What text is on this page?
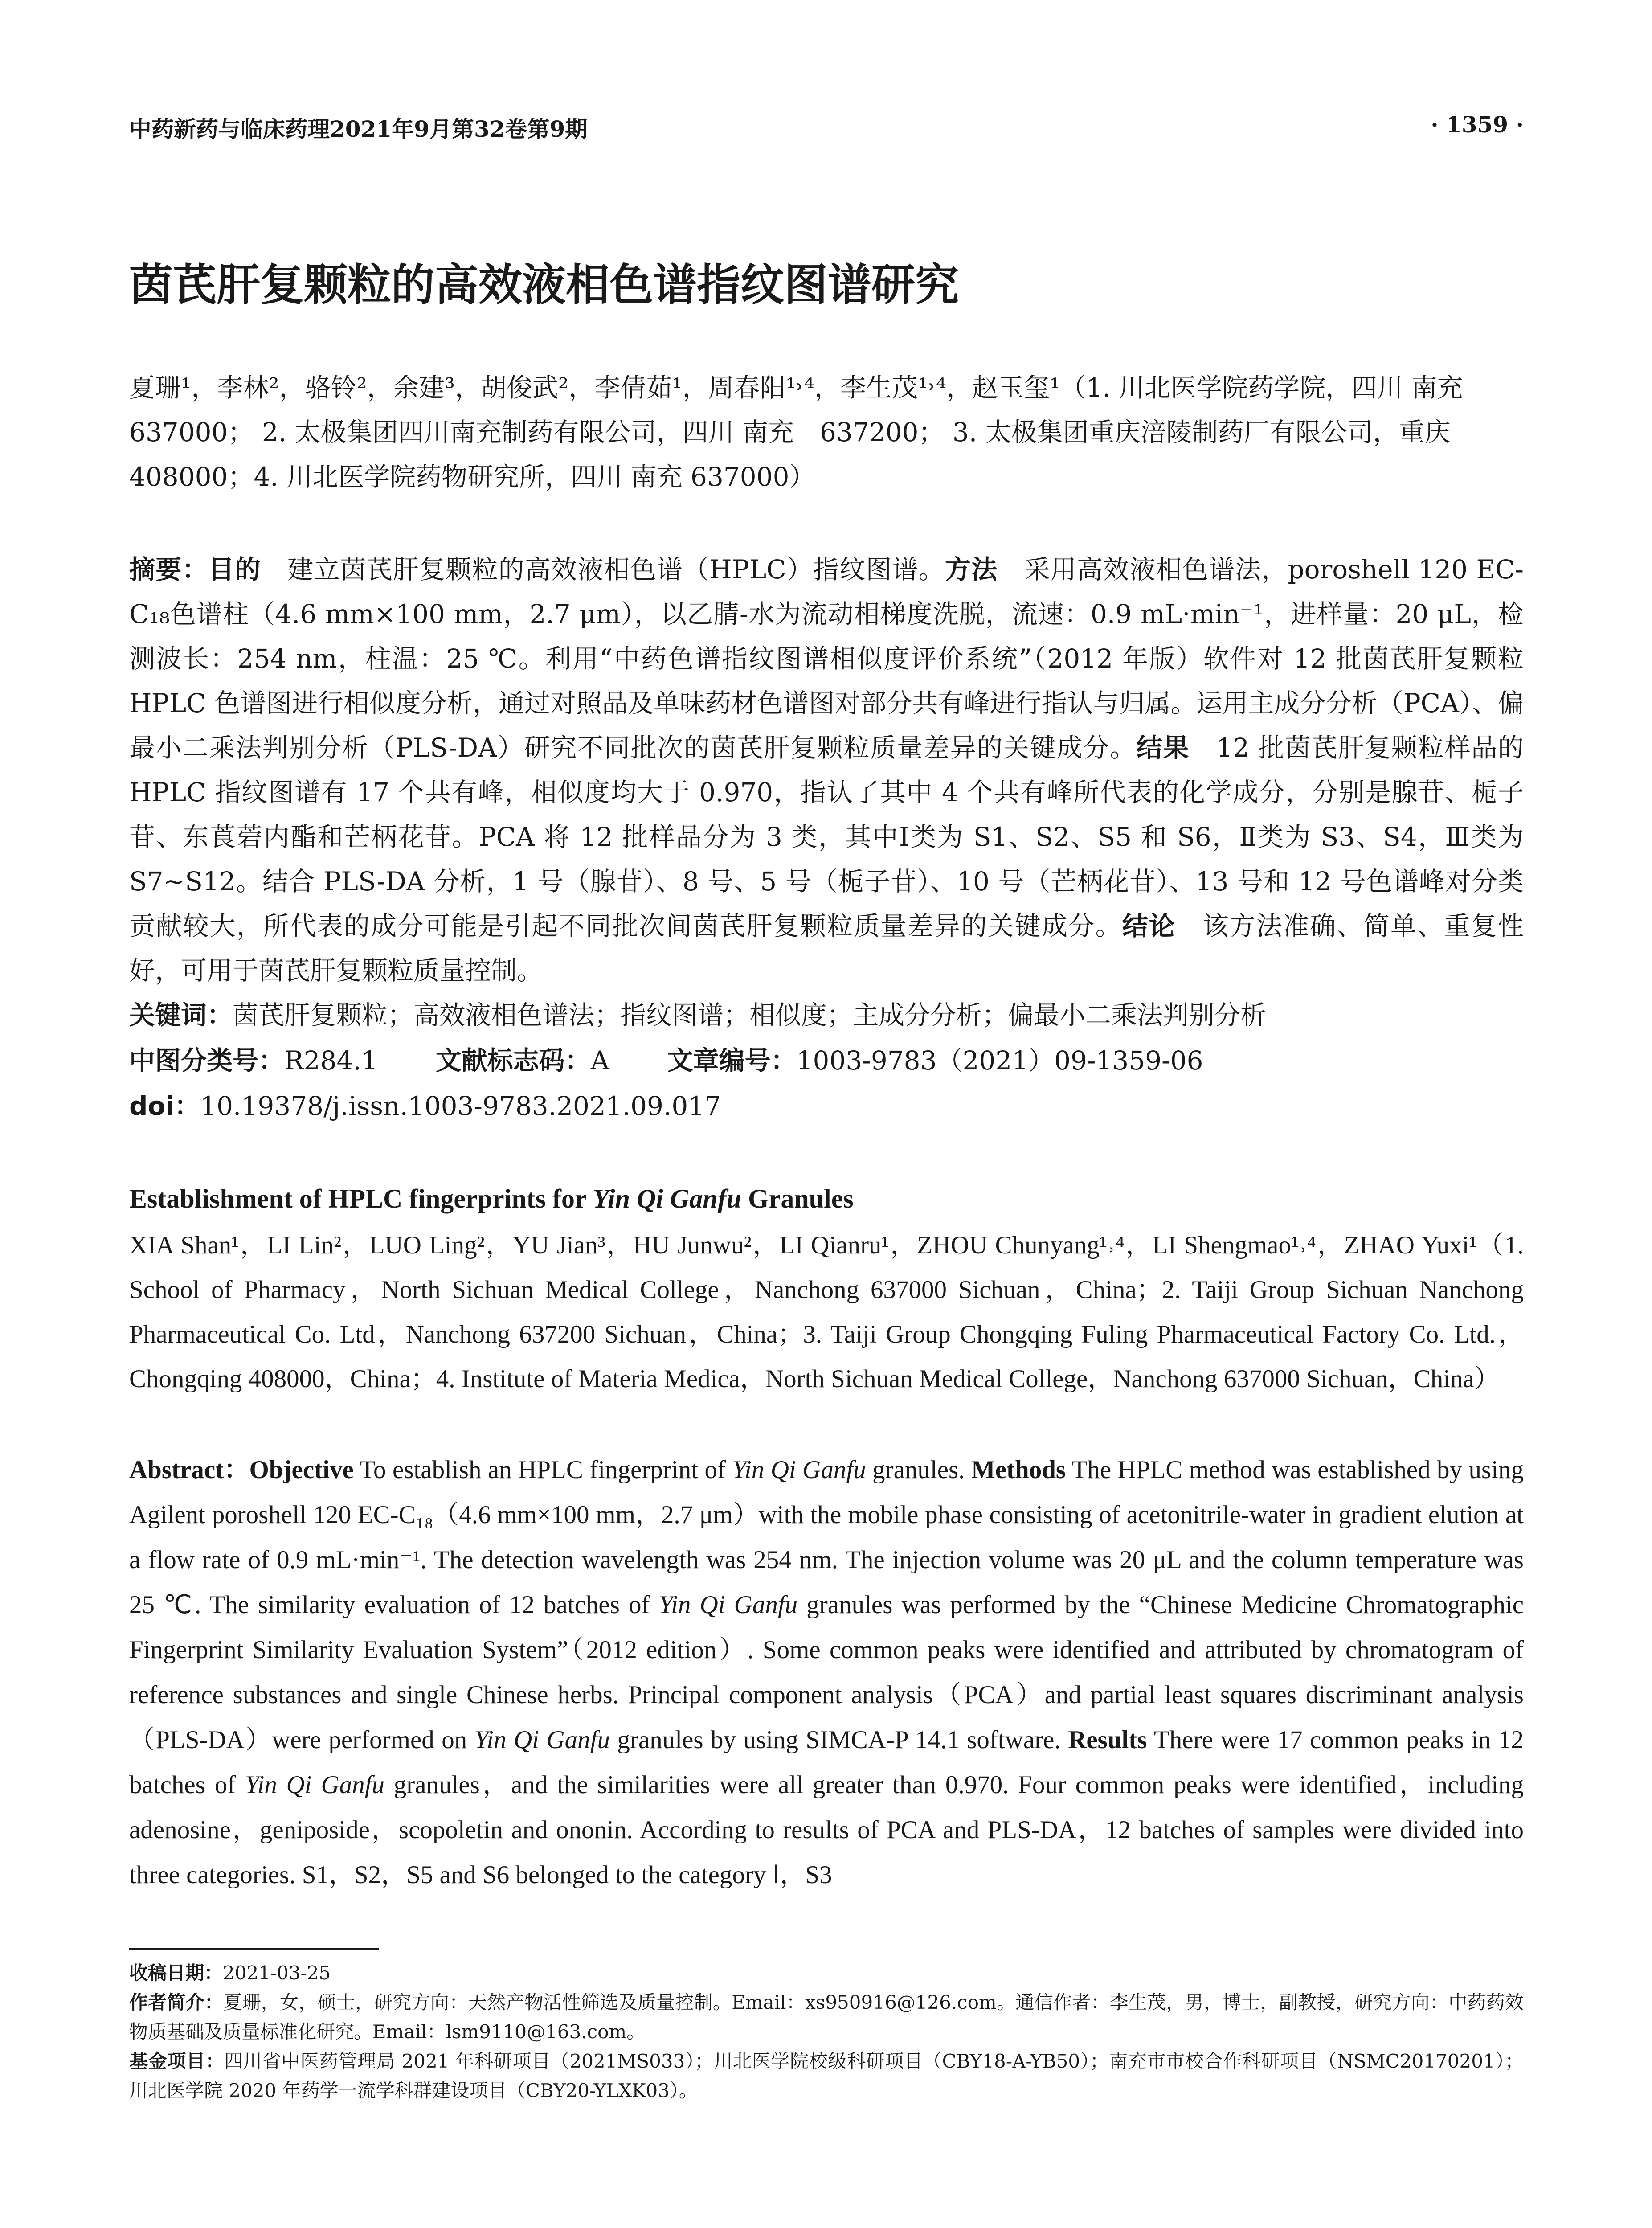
中药新药与临床药理2021年9月第32卷第9期	· 1359 ·
茵芪肝复颗粒的高效液相色谱指纹图谱研究
夏珊¹，李林²，骆铃²，余建³，胡俊武²，李倩茹¹，周春阳¹˒⁴，李生茂¹˒⁴，赵玉玺¹（1. 川北医学院药学院，四川 南充 637000； 2. 太极集团四川南充制药有限公司，四川 南充　637200； 3. 太极集团重庆涪陵制药厂有限公司，重庆 408000；4. 川北医学院药物研究所，四川 南充 637000）
摘要：目的　建立茵芪肝复颗粒的高效液相色谱（HPLC）指纹图谱。方法　采用高效液相色谱法，poroshell 120 EC-C₁₈色谱柱（4.6 mm×100 mm，2.7 μm），以乙腈-水为流动相梯度洗脱，流速：0.9 mL·min⁻¹，进样量：20 μL，检测波长：254 nm，柱温：25 ℃。利用“中药色谱指纹图谱相似度评价系统”（2012 年版）软件对 12 批茵芪肝复颗粒 HPLC 色谱图进行相似度分析，通过对照品及单味药材色谱图对部分共有峰进行指认与归属。运用主成分分析（PCA）、偏最小二乘法判别分析（PLS-DA）研究不同批次的茵芪肝复颗粒质量差异的关键成分。结果　12 批茵芪肝复颗粒样品的 HPLC 指纹图谱有 17 个共有峰，相似度均大于 0.970，指认了其中 4 个共有峰所代表的化学成分，分别是腺苷、栀子苷、东莨菪内酯和芒柄花苷。PCA 将 12 批样品分为 3 类，其中Ⅰ类为 S1、S2、S5 和 S6，Ⅱ类为 S3、S4，Ⅲ类为 S7~S12。结合 PLS-DA 分析，1 号（腺苷）、8 号、5 号（栀子苷）、10 号（芒柄花苷）、13 号和 12 号色谱峰对分类贡献较大，所代表的成分可能是引起不同批次间茵芪肝复颗粒质量差异的关键成分。结论　该方法准确、简单、重复性好，可用于茵芪肝复颗粒质量控制。
关键词：茵芪肝复颗粒；高效液相色谱法；指纹图谱；相似度；主成分分析；偏最小二乘法判别分析
中图分类号：R284.1 文献标志码：A 文章编号：1003-9783（2021）09-1359-06
doi：10.19378/j.issn.1003-9783.2021.09.017
Establishment of HPLC fingerprints for Yin Qi Ganfu Granules
XIA Shan¹，LI Lin²，LUO Ling²，YU Jian³，HU Junwu²，LI Qianru¹，ZHOU Chunyang¹˒⁴，LI Shengmao¹˒⁴，ZHAO Yuxi¹（1. School of Pharmacy，North Sichuan Medical College，Nanchong 637000 Sichuan，China；2. Taiji Group Sichuan Nanchong Pharmaceutical Co. Ltd，Nanchong 637200 Sichuan，China；3. Taiji Group Chongqing Fuling Pharmaceutical Factory Co. Ltd.，Chongqing 408000，China；4. Institute of Materia Medica，North Sichuan Medical College，Nanchong 637000 Sichuan，China）
Abstract：Objective To establish an HPLC fingerprint of Yin Qi Ganfu granules. Methods The HPLC method was established by using Agilent poroshell 120 EC-C₁₈（4.6 mm×100 mm，2.7 μm）with the mobile phase consisting of acetonitrile-water in gradient elution at a flow rate of 0.9 mL·min⁻¹. The detection wavelength was 254 nm. The injection volume was 20 μL and the column temperature was 25 ℃. The similarity evaluation of 12 batches of Yin Qi Ganfu granules was performed by the “Chinese Medicine Chromatographic Fingerprint Similarity Evaluation System”（2012 edition）. Some common peaks were identified and attributed by chromatogram of reference substances and single Chinese herbs. Principal component analysis（PCA）and partial least squares discriminant analysis（PLS-DA）were performed on Yin Qi Ganfu granules by using SIMCA-P 14.1 software. Results There were 17 common peaks in 12 batches of Yin Qi Ganfu granules，and the similarities were all greater than 0.970. Four common peaks were identified，including adenosine，geniposide，scopoletin and ononin. According to results of PCA and PLS-DA，12 batches of samples were divided into three categories. S1，S2，S5 and S6 belonged to the category Ⅰ，S3

收稿日期：2021-03-25

作者简介：夏珊，女，硕士，研究方向：天然产物活性筛选及质量控制。Email：xs950916@126.com。通信作者：李生茂，男，博士，副教授，研究方向：中药药效物质基础及质量标准化研究。Email：lsm9110@163.com。

基金项目：四川省中医药管理局 2021 年科研项目（2021MS033）；川北医学院校级科研项目（CBY18-A-YB50）；南充市市校合作科研项目（NSMC20170201）；川北医学院 2020 年药学一流学科群建设项目（CBY20-YLXK03）。
